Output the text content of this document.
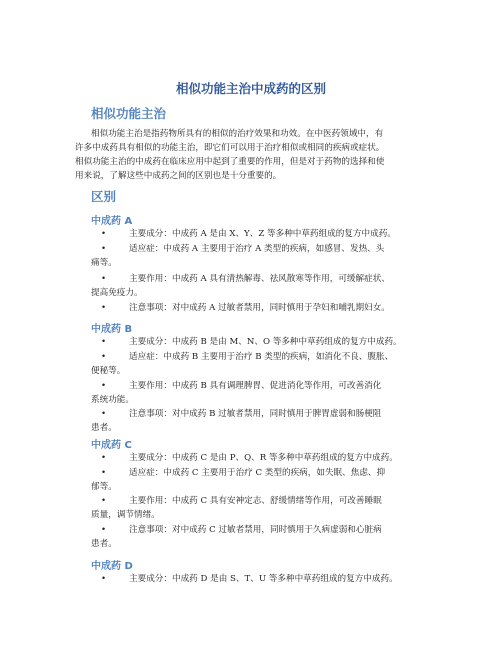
相似功能主治中成药的区别
相似功能主治
相似功能主治是指药物所具有的相似的治疗效果和功效。在中医药领域中，有
许多中成药具有相似的功能主治，即它们可以用于治疗相似或相同的疾病或症状。
相似功能主治的中成药在临床应用中起到了重要的作用，但是对于药物的选择和使
用来说，了解这些中成药之间的区别也是十分重要的。
区别
中成药 A
•	主要成分：中成药 A 是由 X、Y、Z 等多种中草药组成的复方中成药。
•	适应症：中成药 A 主要用于治疗 A 类型的疾病，如感冒、发热、头
痛等。
•	主要作用：中成药 A 具有清热解毒、祛风散寒等作用，可缓解症状、
提高免疫力。
•	注意事项：对中成药 A 过敏者禁用，同时慎用于孕妇和哺乳期妇女。
中成药 B
•	主要成分：中成药 B 是由 M、N、O 等多种中草药组成的复方中成药。
•	适应症：中成药 B 主要用于治疗 B 类型的疾病，如消化不良、腹胀、
便秘等。
•	主要作用：中成药 B 具有调理脾胃、促进消化等作用，可改善消化
系统功能。
•	注意事项：对中成药 B 过敏者禁用，同时慎用于脾胃虚弱和肠梗阻
患者。
中成药 C
•	主要成分：中成药 C 是由 P、Q、R 等多种中草药组成的复方中成药。
•	适应症：中成药 C 主要用于治疗 C 类型的疾病，如失眠、焦虑、抑
郁等。
•	主要作用：中成药 C 具有安神定志、舒缓情绪等作用，可改善睡眠
质量，调节情绪。
•	注意事项：对中成药 C 过敏者禁用，同时慎用于久病虚弱和心脏病
患者。
中成药 D
•	主要成分：中成药 D 是由 S、T、U 等多种中草药组成的复方中成药。
